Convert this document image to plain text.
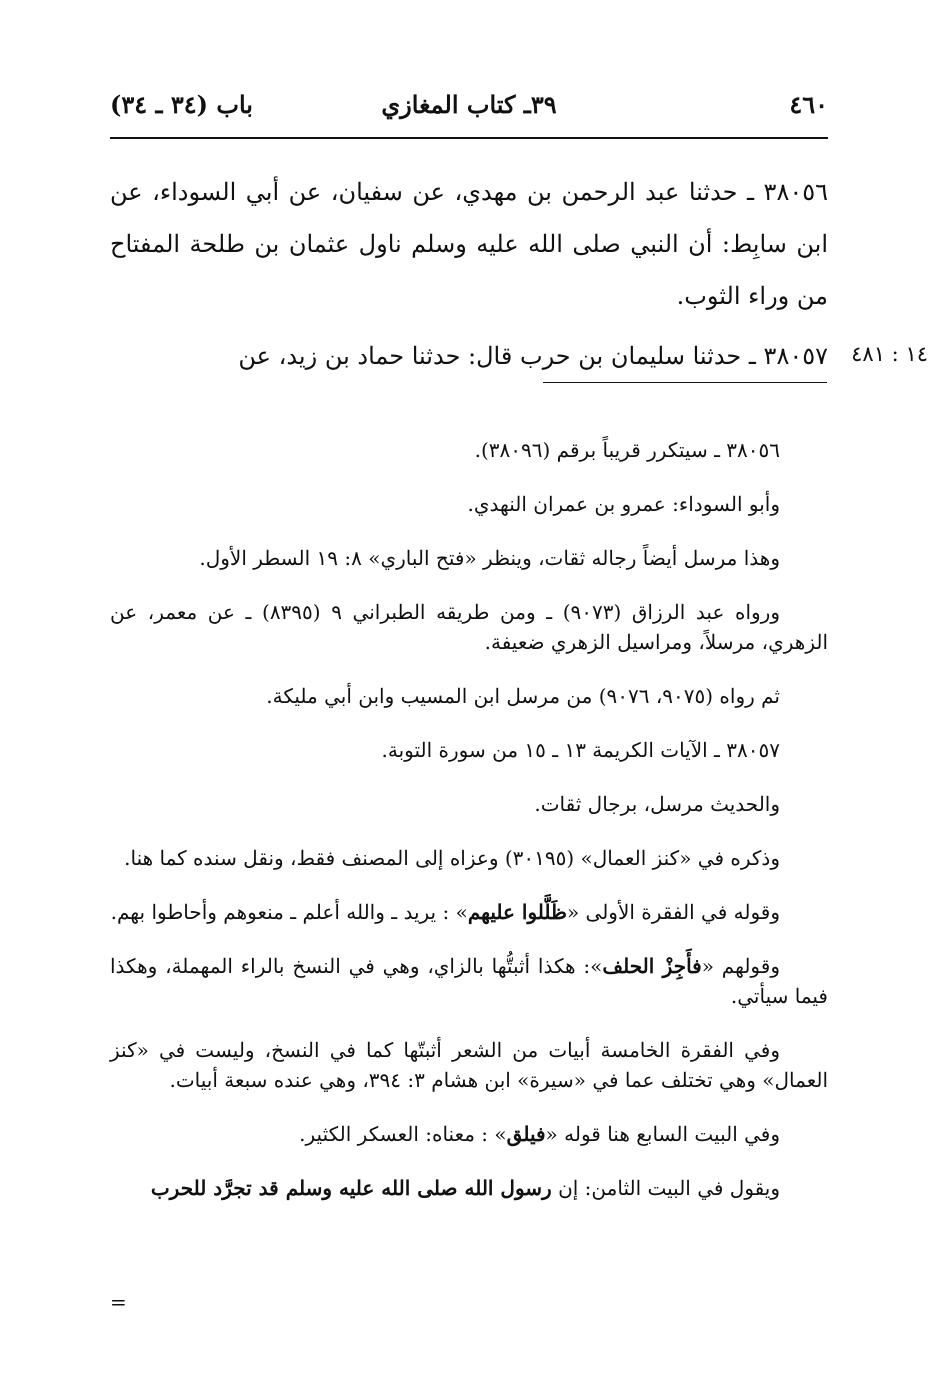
باب (٣٤ ـ ٣٤)	٣٩ـ كتاب المغازي	٤٦٠
٣٨٠٥٦ ـ حدثنا عبد الرحمن بن مهدي، عن سفيان، عن أبي السوداء، عن ابن سابِط: أن النبي صلى الله عليه وسلم ناول عثمان بن طلحة المفتاح من وراء الثوب.
٣٨٠٥٧ ـ حدثنا سليمان بن حرب قال: حدثنا حماد بن زيد، عن ١٤ : ٤٨١

٣٨٠٥٦ ـ سيتكرر قريباً برقم (٣٨٠٩٦).

وأبو السوداء: عمرو بن عمران النهدي.

وهذا مرسل أيضاً رجاله ثقات، وينظر «فتح الباري» ٨: ١٩ السطر الأول.

ورواه عبد الرزاق (٩٠٧٣) ـ ومن طريقه الطبراني ٩ (٨٣٩٥) ـ عن معمر، عن الزهري، مرسلاً، ومراسيل الزهري ضعيفة.

ثم رواه (٩٠٧٥، ٩٠٧٦) من مرسل ابن المسيب وابن أبي مليكة.

٣٨٠٥٧ ـ الآيات الكريمة ١٣ ـ ١٥ من سورة التوبة.

والحديث مرسل، برجال ثقات.

وذكره في «كنز العمال» (٣٠١٩٥) وعزاه إلى المصنف فقط، ونقل سنده كما هنا.

وقوله في الفقرة الأولى «ظَلَّلوا عليهم» : يريد ـ والله أعلم ـ منعوهم وأحاطوا بهم.

وقولهم «فأَجِزْ الحلف»: هكذا أثبتُّها بالزاي، وهي في النسخ بالراء المهملة، وهكذا فيما سيأتي.

وفي الفقرة الخامسة أبيات من الشعر أثبتّها كما في النسخ، وليست في «كنز العمال» وهي تختلف عما في «سيرة» ابن هشام ٣: ٣٩٤، وهي عنده سبعة أبيات.

وفي البيت السابع هنا قوله «فيلق» : معناه: العسكر الكثير.

ويقول في البيت الثامن: إن رسول الله صلى الله عليه وسلم قد تجرَّد للحرب

=
